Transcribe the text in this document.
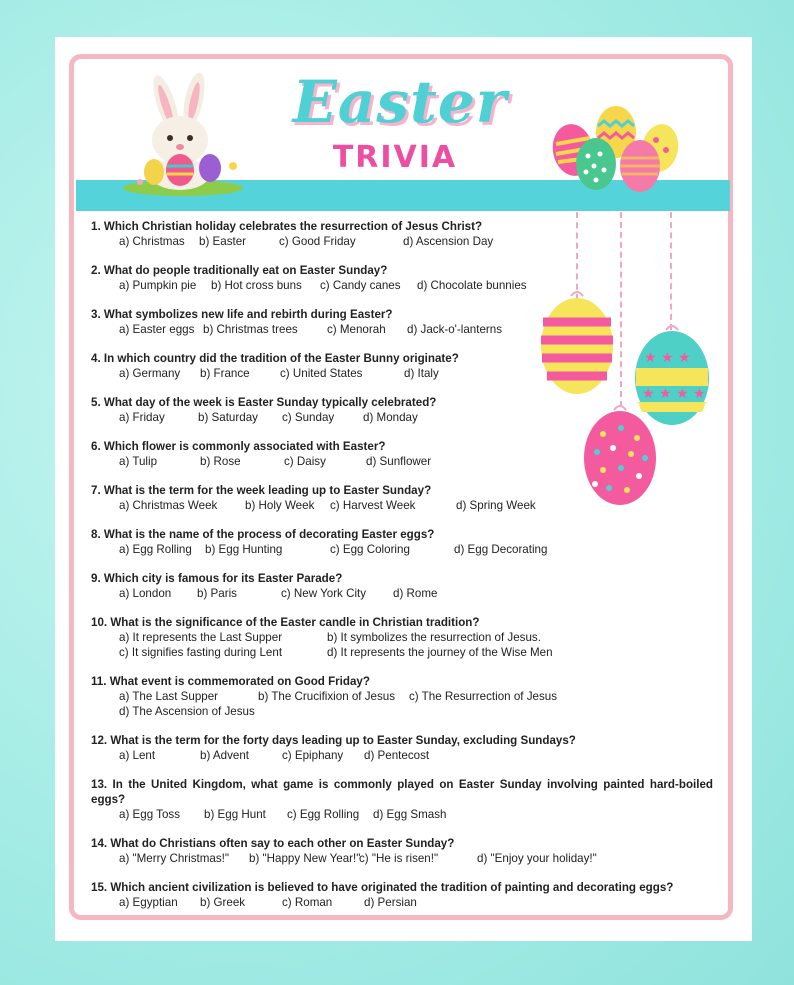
Easter
TRIVIA
★ ★ ★
★ ★ ★ ★
1. Which Christian holiday celebrates the resurrection of Jesus Christ?
a) Christmas b) Easter	c) Good Friday	d) Ascension Day
2. What do people traditionally eat on Easter Sunday?
a) Pumpkin pie b) Hot cross buns c) Candy canes d) Chocolate bunnies
3. What symbolizes new life and rebirth during Easter?
a) Easter eggs b) Christmas trees	c) Menorah d) Jack-o'-lanterns
4. In which country did the tradition of the Easter Bunny originate?
a) Germany b) France	c) United States	d) Italy
5. What day of the week is Easter Sunday typically celebrated?
a) Friday	b) Saturday c) Sunday d) Monday
6. Which flower is commonly associated with Easter?
a) Tulip	b) Rose	c) Daisy	d) Sunflower
7. What is the term for the week leading up to Easter Sunday?
a) Christmas Week b) Holy Week c) Harvest Week	d) Spring Week
8. What is the name of the process of decorating Easter eggs?
a) Egg Rolling b) Egg Hunting	c) Egg Coloring	d) Egg Decorating
9. Which city is famous for its Easter Parade?
a) London b) Paris	c) New York City d) Rome
10. What is the significance of the Easter candle in Christian tradition?
a) It represents the Last Supper	b) It symbolizes the resurrection of Jesus.
c) It signifies fasting during Lent	d) It represents the journey of the Wise Men
11. What event is commemorated on Good Friday?
a) The Last Supper	b) The Crucifixion of Jesus c) The Resurrection of Jesus
d) The Ascension of Jesus
12. What is the term for the forty days leading up to Easter Sunday, excluding Sundays?
a) Lent	b) Advent	c) Epiphany d) Pentecost
13. In the United Kingdom, what game is commonly played on Easter Sunday involving painted hard-boiled eggs?
a) Egg Toss b) Egg Hunt c) Egg Rolling d) Egg Smash
14. What do Christians often say to each other on Easter Sunday?
a) "Merry Christmas!" b) "Happy New Year!"c) "He is risen!"	d) "Enjoy your holiday!"
15. Which ancient civilization is believed to have originated the tradition of painting and decorating eggs?
a) Egyptian b) Greek	c) Roman	d) Persian
